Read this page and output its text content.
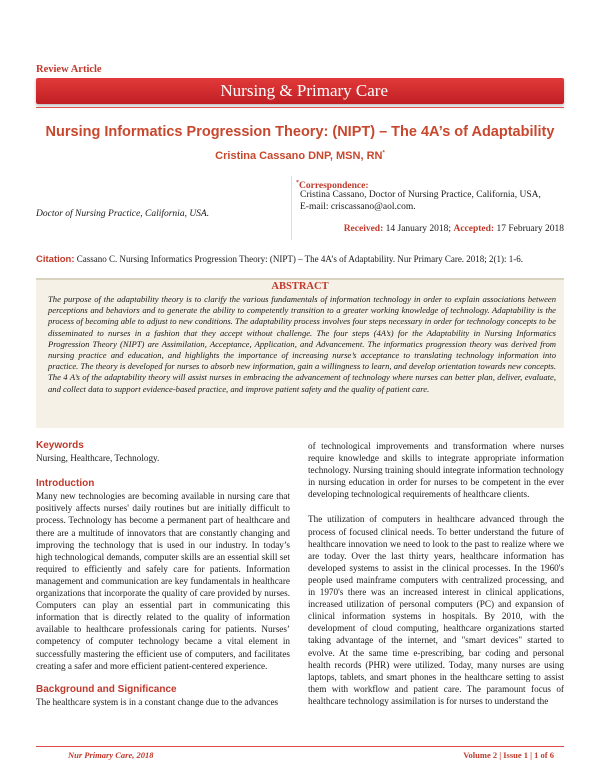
Review Article
Nursing & Primary Care
Nursing Informatics Progression Theory: (NIPT) – The 4A’s of Adaptability
Cristina Cassano DNP, MSN, RN*
*Correspondence:
Cristina Cassano, Doctor of Nursing Practice, California, USA,
E-mail: criscassano@aol.com.
Received: 14 January 2018; Accepted: 17 February 2018
Doctor of Nursing Practice, California, USA.
Citation: Cassano C. Nursing Informatics Progression Theory: (NIPT) – The 4A’s of Adaptability. Nur Primary Care. 2018; 2(1): 1-6.
ABSTRACT
The purpose of the adaptability theory is to clarify the various fundamentals of information technology in order to explain associations between perceptions and behaviors and to generate the ability to competently transition to a greater working knowledge of technology. Adaptability is the process of becoming able to adjust to new conditions. The adaptability process involves four steps necessary in order for technology concepts to be disseminated to nurses in a fashion that they accept without challenge. The four steps (4A’s) for the Adaptability in Nursing Informatics Progression Theory (NIPT) are Assimilation, Acceptance, Application, and Advancement. The informatics progression theory was derived from nursing practice and education, and highlights the importance of increasing nurse’s acceptance to translating technology information into practice. The theory is developed for nurses to absorb new information, gain a willingness to learn, and develop orientation towards new concepts. The 4 A’s of the adaptability theory will assist nurses in embracing the advancement of technology where nurses can better plan, deliver, evaluate, and collect data to support evidence-based practice, and improve patient safety and the quality of patient care.
Keywords

Nursing, Healthcare, Technology.

Introduction

Many new technologies are becoming available in nursing care that positively affects nurses' daily routines but are initially difficult to process. Technology has become a permanent part of healthcare and there are a multitude of innovators that are constantly changing and improving the technology that is used in our industry. In today’s high technological demands, computer skills are an essential skill set required to efficiently and safely care for patients. Information management and communication are key fundamentals in healthcare organizations that incorporate the quality of care provided by nurses. Computers can play an essential part in communicating this information that is directly related to the quality of information available to healthcare professionals caring for patients. Nurses’ competency of computer technology became a vital element in successfully mastering the efficient use of computers, and facilitates creating a safer and more efficient patient-centered experience.

Background and Significance

The healthcare system is in a constant change due to the advances

of technological improvements and transformation where nurses require knowledge and skills to integrate appropriate information technology. Nursing training should integrate information technology in nursing education in order for nurses to be competent in the ever developing technological requirements of healthcare clients.

The utilization of computers in healthcare advanced through the process of focused clinical needs. To better understand the future of healthcare innovation we need to look to the past to realize where we are today. Over the last thirty years, healthcare information has developed systems to assist in the clinical processes. In the 1960's people used mainframe computers with centralized processing, and in 1970's there was an increased interest in clinical applications, increased utilization of personal computers (PC) and expansion of clinical information systems in hospitals. By 2010, with the development of cloud computing, healthcare organizations started taking advantage of the internet, and "smart devices" started to evolve. At the same time e-prescribing, bar coding and personal health records (PHR) were utilized. Today, many nurses are using laptops, tablets, and smart phones in the healthcare setting to assist them with workflow and patient care. The paramount focus of healthcare technology assimilation is for nurses to understand the

Nur Primary Care, 2018	Volume 2 | Issue 1 | 1 of 6
